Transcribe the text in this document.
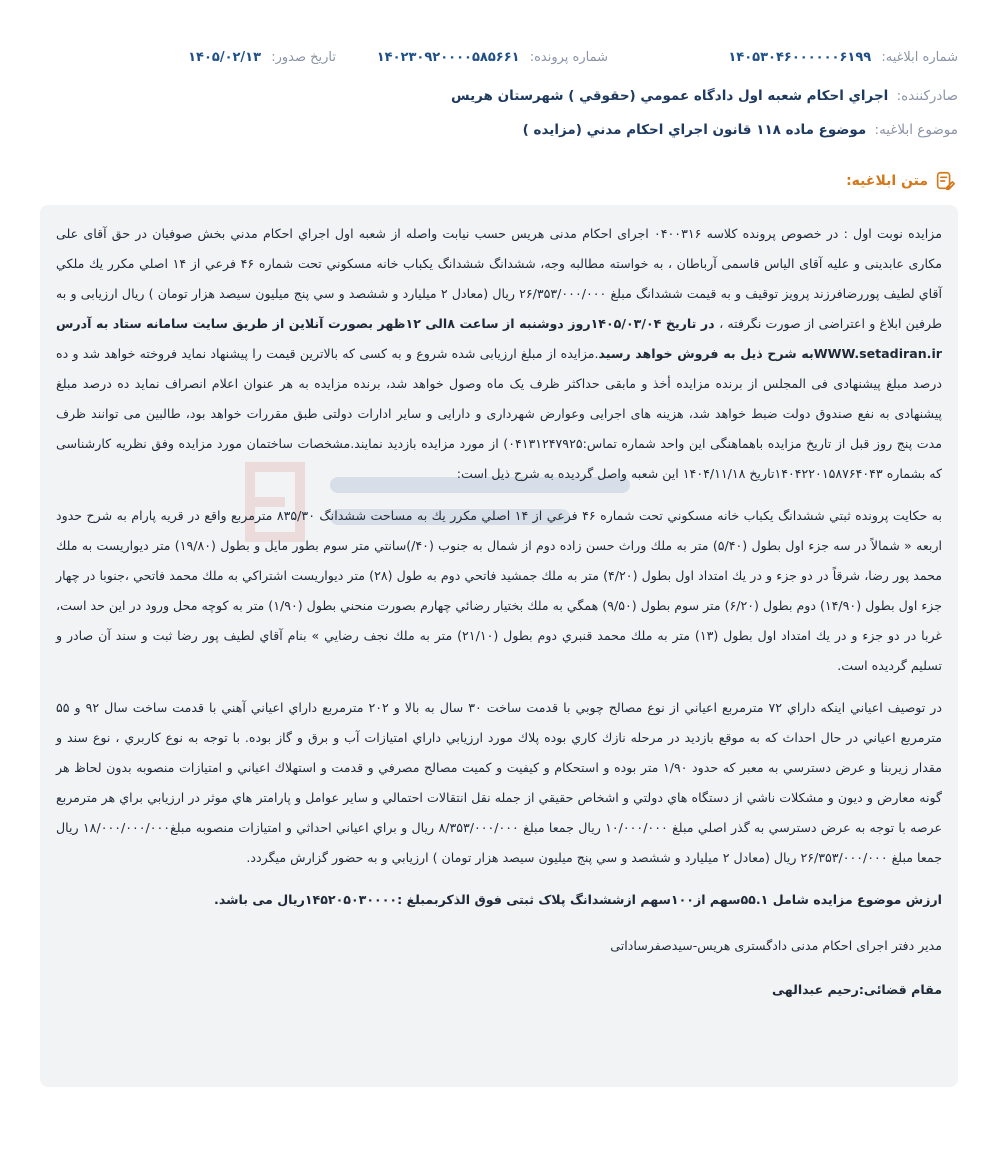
شماره ابلاغیه: ۱۴۰۵۳۰۴۶۰۰۰۰۰۰۶۱۹۹
شماره پرونده: ۱۴۰۲۳۰۹۲۰۰۰۰۵۸۵۶۶۱
تاریخ صدور: ۱۴۰۵/۰۲/۱۳
صادرکننده: اجراي احكام شعبه اول دادگاه عمومي (حقوقي ) شهرستان هريس
موضوع ابلاغیه: موضوع ماده ۱۱۸ قانون اجراي احكام مدني (مزايده )
متن ابلاغیه:

مزايده نوبت اول : در خصوص پرونده كلاسه ۰۴۰۰۳۱۶ اجرای احکام مدنی هريس حسب نيابت واصله از شعبه اول اجراي احكام مدني بخش صوفيان در حق آقای علی مكاری عابدينی و عليه آقای الياس قاسمی آرباطان ، به خواسته مطالبه وجه، ششدانگ ششدانگ يكباب خانه مسكوني تحت شماره ۴۶ فرعي از ۱۴ اصلي مكرر يك ملكي آقاي لطيف پوررضافرزند پرويز توقيف و به قيمت ششدانگ مبلغ ۲۶/۳۵۳/۰۰۰/۰۰۰ ريال (معادل ۲ ميليارد و ششصد و سي پنج ميليون سيصد هزار تومان ) ريال ارزيابی و به طرفين ابلاغ و اعتراضی از صورت نگرفته ، در تاریخ ۱۴۰۵/۰۳/۰۴روز دوشنبه از ساعت ۸الی ۱۲ظهر بصورت آنلاین از طريق سايت سامانه ستاد به آدرس WWW.setadiran.irبه شرح ذيل به فروش خواهد رسيد.مزايده از مبلغ ارزيابی شده شروع و به كسی كه بالاترين قيمت را پيشنهاد نمايد فروخته خواهد شد و ده درصد مبلغ پيشنهادی فی المجلس از برنده مزايده أخذ و مابقی حداكثر ظرف يک ماه وصول خواهد شد، برنده مزايده به هر عنوان اعلام انصراف نمايد ده درصد مبلغ پيشنهادی به نفع صندوق دولت ضبط خواهد شد، هزينه های اجرايی وعوارض شهرداری و دارايی و ساير ادارات دولتی طبق مقررات خواهد بود، طالبين می توانند ظرف مدت پنج روز قبل از تاريخ مزايده باهماهنگی اين واحد شماره تماس:۰۴۱۳۱۲۴۷۹۲۵) از مورد مزايده بازديد نمايند.مشخصات ساختمان مورد مزايده وفق نظريه كارشناسی كه بشماره ۱۴۰۴۲۲۰۱۵۸۷۶۴۰۴۳تاريخ ۱۴۰۴/۱۱/۱۸ اين شعبه واصل گرديده به شرح ذيل است:

به حكايت پرونده ثبتي ششدانگ يكباب خانه مسكوني تحت شماره ۴۶ فرعي از ۱۴ اصلي مكرر يك به مساحت ششدانگ ۸۳۵/۳۰ مترمربع واقع در قريه پارام به شرح حدود اربعه « شمالاً در سه جزء اول بطول (۵/۴۰) متر به ملك وراث حسن زاده دوم از شمال به جنوب (۴۰/)سانتي متر سوم بطور مايل و بطول (۱۹/۸۰) متر ديواريست به ملك محمد پور رضا، شرقاً در دو جزء و در يك امتداد اول بطول (۴/۲۰) متر به ملك جمشيد فاتحي دوم به طول (۲۸) متر ديواريست اشتراكي به ملك محمد فاتحي ،جنوبا در چهار جزء اول بطول (۱۴/۹۰) دوم بطول (۶/۲۰) متر سوم بطول (۹/۵۰) همگي به ملك بختيار رضائي چهارم بصورت منحني بطول (۱/۹۰) متر به كوچه محل ورود در اين حد است، غربا در دو جزء و در يك امتداد اول بطول (۱۳) متر به ملك محمد قنبري دوم بطول (۲۱/۱۰) متر به ملك نجف رضايي » بنام آقاي لطيف پور رضا ثبت و سند آن صادر و تسليم گرديده است.

در توصيف اعياني اينكه داراي ۷۲ مترمربع اعياني از نوع مصالح چوبي با قدمت ساخت ۳۰ سال به بالا و ۲۰۲ مترمربع داراي اعياني آهني با قدمت ساخت سال ۹۲ و ۵۵ مترمربع اعياني در حال احداث كه به موقع بازديد در مرحله نازك كاري بوده پلاك مورد ارزيابي داراي امتيازات آب و برق و گاز بوده. با توجه به نوع كاربري ، نوع سند و مقدار زيربنا و عرض دسترسي به معبر كه حدود ۱/۹۰ متر بوده و استحكام و كيفيت و كميت مصالح مصرفي و قدمت و استهلاك اعياني و امتيازات منصوبه بدون لحاظ هر گونه معارض و ديون و مشكلات ناشي از دستگاه هاي دولتي و اشخاص حقيقي از جمله نقل انتقالات احتمالي و ساير عوامل و پارامتر هاي موثر در ارزيابي براي هر مترمربع عرصه با توجه به عرض دسترسي به گذر اصلي مبلغ ۱۰/۰۰۰/۰۰۰ ريال جمعا مبلغ ۸/۳۵۳/۰۰۰/۰۰۰ ريال و براي اعياني احداثي و امتيازات منصوبه مبلغ۱۸/۰۰۰/۰۰۰/۰۰۰ ريال جمعا مبلغ ۲۶/۳۵۳/۰۰۰/۰۰۰ ريال (معادل ۲ ميليارد و ششصد و سي پنج ميليون سيصد هزار تومان ) ارزيابي و به حضور گزارش ميگردد.

ارزش موضوع مزايده شامل ۵۵.۱سهم از۱۰۰سهم ازششدانگ پلاک ثبتی فوق الذکربمبلغ :۱۴۵۲۰۵۰۳۰۰۰۰ريال می باشد.

مدير دفتر اجرای احکام مدنی دادگستری هريس-سيدصفرساداتی

مقام قضائی:رحيم عبدالهی
